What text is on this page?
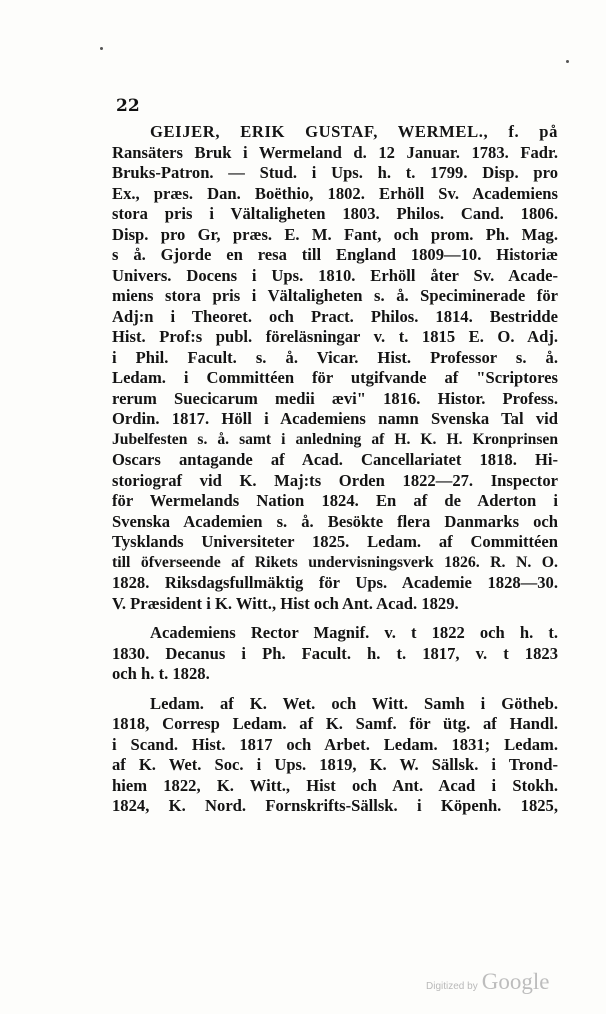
22
GEIJER, ERIK GUSTAF, WERMEL., f. på
Ransäters Bruk i Wermeland d. 12 Januar. 1783. Fadr.
Bruks-Patron. — Stud. i Ups. h. t. 1799. Disp. pro
Ex., præs. Dan. Boëthio, 1802. Erhöll Sv. Academiens
stora pris i Vältaligheten 1803. Philos. Cand. 1806.
Disp. pro Gr, præs. E. M. Fant, och prom. Ph. Mag.
s å. Gjorde en resa till England 1809—10. Historiæ
Univers. Docens i Ups. 1810. Erhöll åter Sv. Acade-
miens stora pris i Vältaligheten s. å. Specimineradе för
Adj:n i Theoret. och Pract. Philos. 1814. Bestridde
Hist. Prof:s publ. föreläsningar v. t. 1815 E. O. Adj.
i Phil. Facult. s. å. Vicar. Hist. Professor s. å.
Ledam. i Committéen för utgifvande af "Scriptores
rerum Suecicarum medii ævi" 1816. Histor. Profess.
Ordin. 1817. Höll i Academiens namn Svenska Tal vid
Jubelfesten s. å. samt i anledning af H. K. H. Kronprinsen
Oscars antagande af Acad. Cancellariatet 1818. Hi-
storiograf vid K. Maj:ts Orden 1822—27. Inspector
för Wermelands Nation 1824. En af de Aderton i
Svenska Academien s. å. Besökte flera Danmarks och
Tysklands Universiteter 1825. Ledam. af Committéen
till öfverseende af Rikets undervisningsverk 1826. R. N. O.
1828. Riksdagsfullmäktig för Ups. Academie 1828—30.
V. Præsident i K. Witt., Hist och Ant. Acad. 1829.
Academiens Rector Magnif. v. t 1822 och h. t.
1830. Decanus i Ph. Facult. h. t. 1817, v. t 1823
och h. t. 1828.
Ledam. af K. Wet. och Witt. Samh i Götheb.
1818, Corresp Ledam. af K. Samf. för ütg. af Handl.
i Scand. Hist. 1817 och Arbet. Ledam. 1831; Ledam.
af K. Wet. Soc. i Ups. 1819, K. W. Sällsk. i Trond-
hiem 1822, K. Witt., Hist och Ant. Acad i Stokh.
1824, K. Nord. Fornskrifts-Sällsk. i Köpenh. 1825,
Digitized by Google
